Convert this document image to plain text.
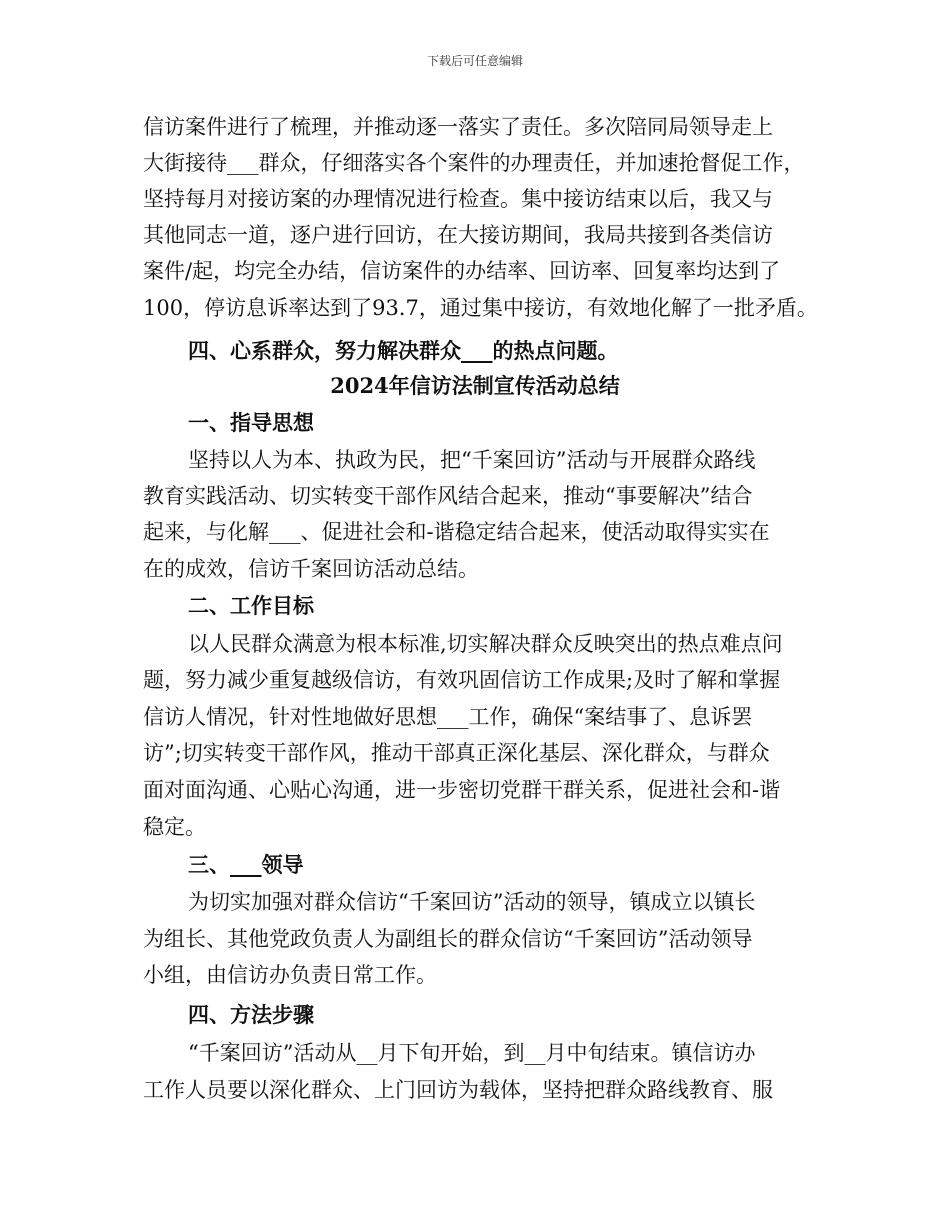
下载后可任意编辑
信访案件进行了梳理，并推动逐一落实了责任。多次陪同局领导走上
大街接待___群众，仔细落实各个案件的办理责任，并加速抢督促工作，
坚持每月对接访案的办理情况进行检查。集中接访结束以后，我又与
其他同志一道，逐户进行回访，在大接访期间，我局共接到各类信访
案件/起，均完全办结，信访案件的办结率、回访率、回复率均达到了
100，停访息诉率达到了93.7，通过集中接访，有效地化解了一批矛盾。
四、心系群众，努力解决群众___的热点问题。
2024年信访法制宣传活动总结
一、指导思想
坚持以人为本、执政为民，把“千案回访”活动与开展群众路线
教育实践活动、切实转变干部作风结合起来，推动“事要解决”结合
起来，与化解___、促进社会和-谐稳定结合起来，使活动取得实实在
在的成效，信访千案回访活动总结。
二、工作目标
以人民群众满意为根本标准,切实解决群众反映突出的热点难点问
题，努力减少重复越级信访，有效巩固信访工作成果;及时了解和掌握
信访人情况，针对性地做好思想___工作，确保“案结事了、息诉罢
访”;切实转变干部作风，推动干部真正深化基层、深化群众，与群众
面对面沟通、心贴心沟通，进一步密切党群干群关系，促进社会和-谐
稳定。
三、___领导
为切实加强对群众信访“千案回访”活动的领导，镇成立以镇长
为组长、其他党政负责人为副组长的群众信访“千案回访”活动领导
小组，由信访办负责日常工作。
四、方法步骤
“千案回访”活动从__月下旬开始，到__月中旬结束。镇信访办
工作人员要以深化群众、上门回访为载体，坚持把群众路线教育、服
